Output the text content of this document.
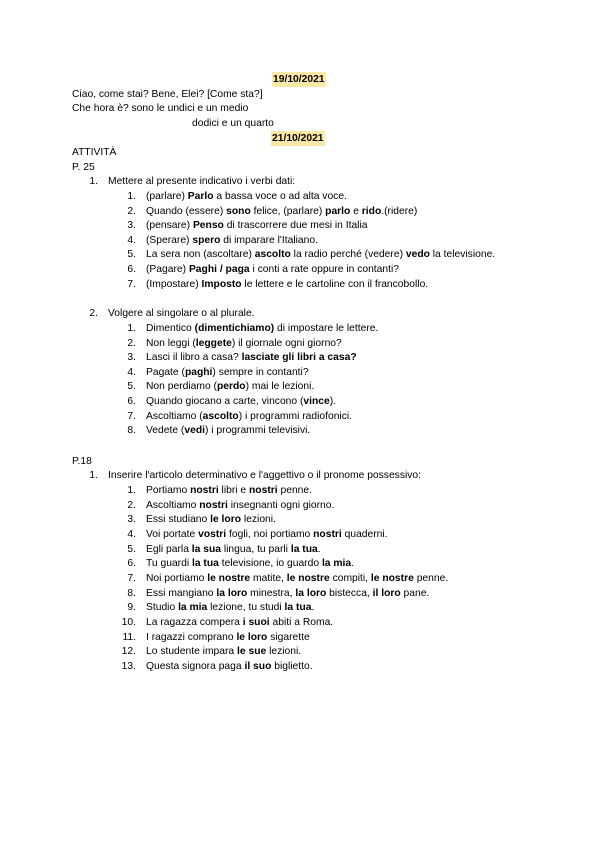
19/10/2021
Ciao, come stai? Bene, Elei? [Come sta?]
Che hora è? sono le undici e un medio
dodici e un quarto
21/10/2021
ATTIVITÀ
P. 25
1. Mettere al presente indicativo i verbi dati:
1. (parlare) Parlo a bassa voce o ad alta voce.
2. Quando (essere) sono felice, (parlare) parlo e rido.(ridere)
3. (pensare) Penso di trascorrere due mesi in Italia
4. (Sperare) spero di imparare l'Italiano.
5. La sera non (ascoltare) ascolto la radio perché (vedere) vedo la televisione.
6. (Pagare) Paghi / paga i conti a rate oppure in contanti?
7. (Impostare) Imposto le lettere e le cartoline con il francobollo.
2. Volgere al singolare o al plurale.
1. Dimentico (dimentichiamo) di impostare le lettere.
2. Non leggi (leggete) il giornale ogni giorno?
3. Lasci il libro a casa? lasciate gli libri a casa?
4. Pagate (paghi) sempre in contanti?
5. Non perdiamo (perdo) mai le lezioni.
6. Quando giocano a carte, vincono (vince).
7. Ascoltiamo (ascolto) i programmi radiofonici.
8. Vedete (vedi) i programmi televisivi.
P.18
1. Inserire l'articolo determinativo e l'aggettivo o il pronome possessivo:
1. Portiamo nostri libri e nostri penne.
2. Ascoltiamo nostri insegnanti ogni giorno.
3. Essi studiano le loro lezioni.
4. Voi portate vostri fogli, noi portiamo nostri quaderni.
5. Egli parla la sua lingua, tu parli la tua.
6. Tu guardi la tua televisione, io guardo la mia.
7. Noi portiamo le nostre matite, le nostre compiti, le nostre penne.
8. Essi mangiano la loro minestra, la loro bistecca, il loro pane.
9. Studio la mia lezione, tu studi la tua.
10. La ragazza compera i suoi abiti a Roma.
11. I ragazzi comprano le loro sigarette
12. Lo studente impara le sue lezioni.
13. Questa signora paga il suo biglietto.
